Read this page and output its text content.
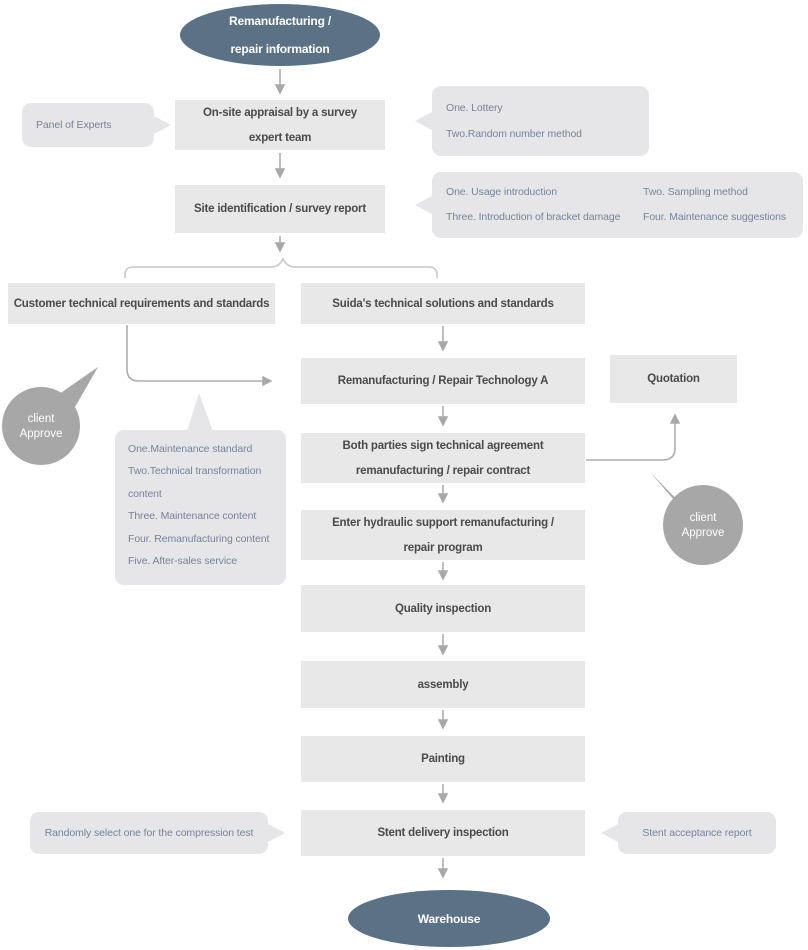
Remanufacturing /
repair information
Warehouse
On-site appraisal by a survey
expert team
Site identification / survey report
Customer technical requirements and standards	Suida's technical solutions and standards
Remanufacturing / Repair Technology A	Quotation
Both parties sign technical agreement
remanufacturing / repair contract
Enter hydraulic support remanufacturing /
repair program
Quality inspection
assembly
Painting
Stent delivery inspection
Panel of Experts
One. Lottery
Two.Random number method
One. Usage introduction	Two. Sampling method
Three. Introduction of bracket damage	Four. Maintenance suggestions
One.Maintenance standard
Two.Technical transformation content
Three. Maintenance content
Four. Remanufacturing content
Five. After-sales service
Randomly select one for the compression test	Stent acceptance report
client
Approve
client
Approve
